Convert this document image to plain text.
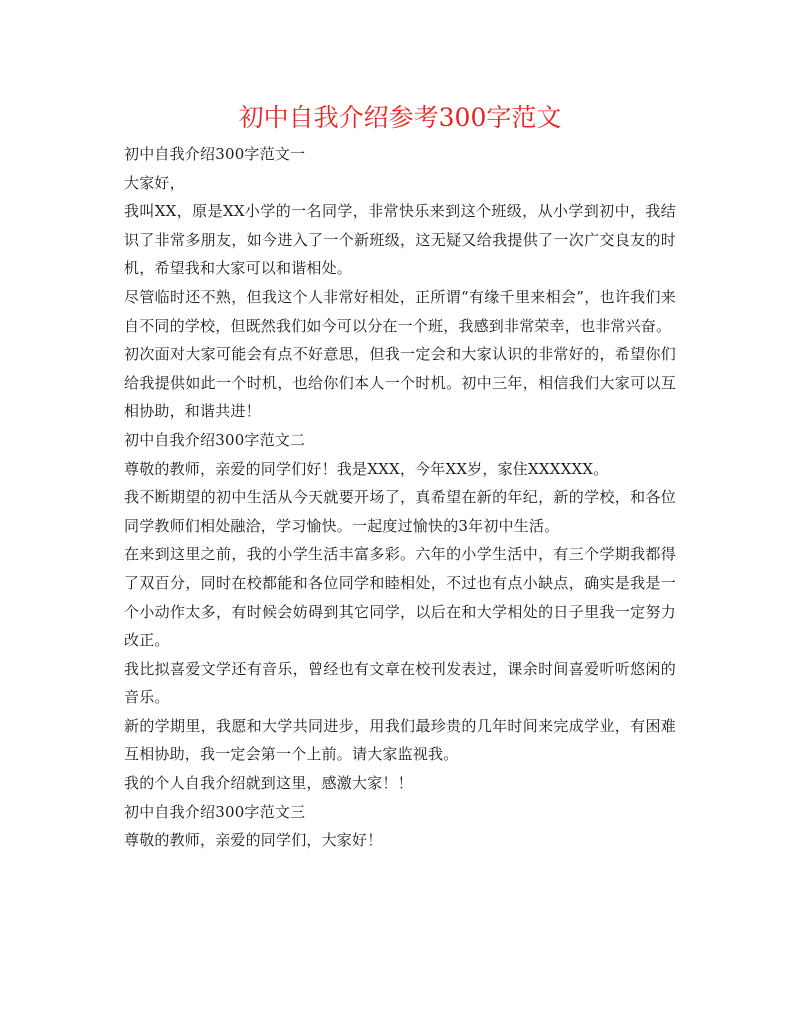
初中自我介绍参考300字范文

初中自我介绍300字范文一

大家好，

我叫XX，原是XX小学的一名同学，非常快乐来到这个班级，从小学到初中，我结识了非常多朋友，如今进入了一个新班级，这无疑又给我提供了一次广交良友的时机，希望我和大家可以和谐相处。

尽管临时还不熟，但我这个人非常好相处，正所谓“有缘千里来相会”，也许我们来自不同的学校，但既然我们如今可以分在一个班，我感到非常荣幸，也非常兴奋。

初次面对大家可能会有点不好意思，但我一定会和大家认识的非常好的，希望你们给我提供如此一个时机，也给你们本人一个时机。初中三年，相信我们大家可以互相协助，和谐共进！

初中自我介绍300字范文二

尊敬的教师，亲爱的同学们好！我是XXX，今年XX岁，家住XXXXXX。

我不断期望的初中生活从今天就要开场了，真希望在新的年纪，新的学校，和各位同学教师们相处融洽，学习愉快。一起度过愉快的3年初中生活。

在来到这里之前，我的小学生活丰富多彩。六年的小学生活中，有三个学期我都得了双百分，同时在校都能和各位同学和睦相处，不过也有点小缺点，确实是我是一个小动作太多，有时候会妨碍到其它同学，以后在和大学相处的日子里我一定努力改正。

我比拟喜爱文学还有音乐，曾经也有文章在校刊发表过，课余时间喜爱听听悠闲的音乐。

新的学期里，我愿和大学共同进步，用我们最珍贵的几年时间来完成学业，有困难互相协助，我一定会第一个上前。请大家监视我。

我的个人自我介绍就到这里，感激大家！！

初中自我介绍300字范文三

尊敬的教师，亲爱的同学们，大家好！
